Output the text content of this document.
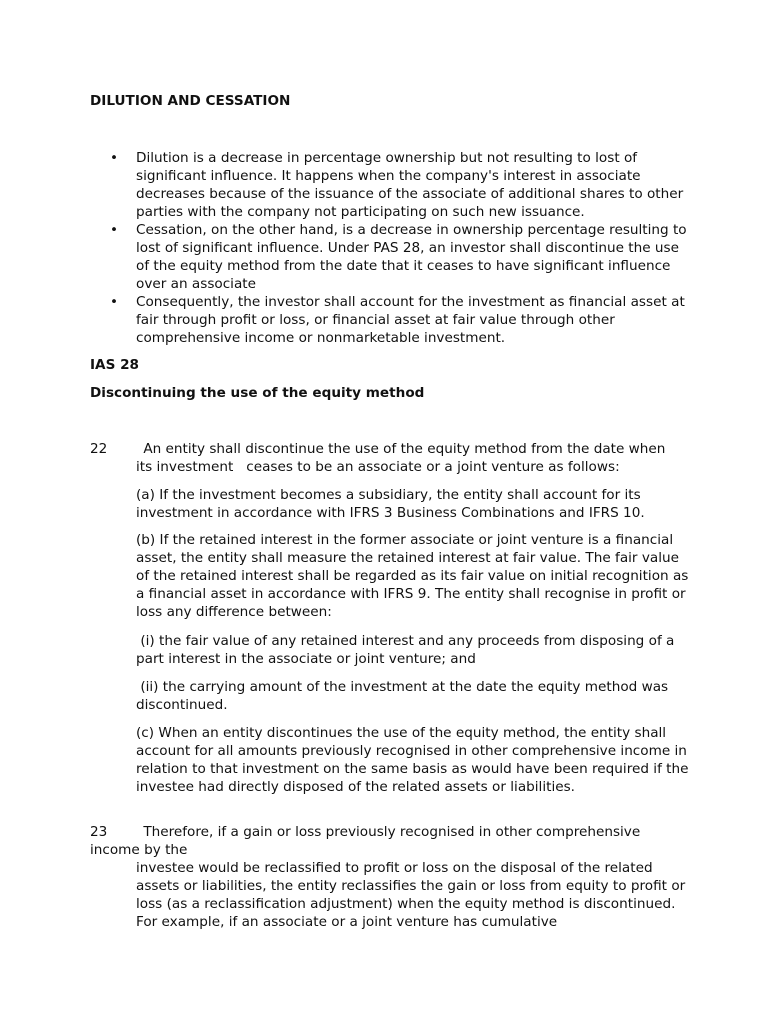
DILUTION AND CESSATION
• Dilution is a decrease in percentage ownership but not resulting to lost of significant influence. It happens when the company's interest in associate decreases because of the issuance of the associate of additional shares to other parties with the company not participating on such new issuance.
• Cessation, on the other hand, is a decrease in ownership percentage resulting to lost of significant influence. Under PAS 28, an investor shall discontinue the use of the equity method from the date that it ceases to have significant influence over an associate
• Consequently, the investor shall account for the investment as financial asset at fair through profit or loss, or financial asset at fair value through other comprehensive income or nonmarketable investment.
IAS 28
Discontinuing the use of the equity method
22 An entity shall discontinue the use of the equity method from the date when
its investment   ceases to be an associate or a joint venture as follows:
(a) If the investment becomes a subsidiary, the entity shall account for its investment in accordance with IFRS 3 Business Combinations and IFRS 10.
(b) If the retained interest in the former associate or joint venture is a financial asset, the entity shall measure the retained interest at fair value. The fair value of the retained interest shall be regarded as its fair value on initial recognition as a financial asset in accordance with IFRS 9. The entity shall recognise in profit or loss any difference between:
(i) the fair value of any retained interest and any proceeds from disposing of a part interest in the associate or joint venture; and
(ii) the carrying amount of the investment at the date the equity method was discontinued.
(c) When an entity discontinues the use of the equity method, the entity shall account for all amounts previously recognised in other comprehensive income in relation to that investment on the same basis as would have been required if the investee had directly disposed of the related assets or liabilities.
23 Therefore, if a gain or loss previously recognised in other comprehensive income by the
investee would be reclassified to profit or loss on the disposal of the related assets or liabilities, the entity reclassifies the gain or loss from equity to profit or loss (as a reclassification adjustment) when the equity method is discontinued. For example, if an associate or a joint venture has cumulative
